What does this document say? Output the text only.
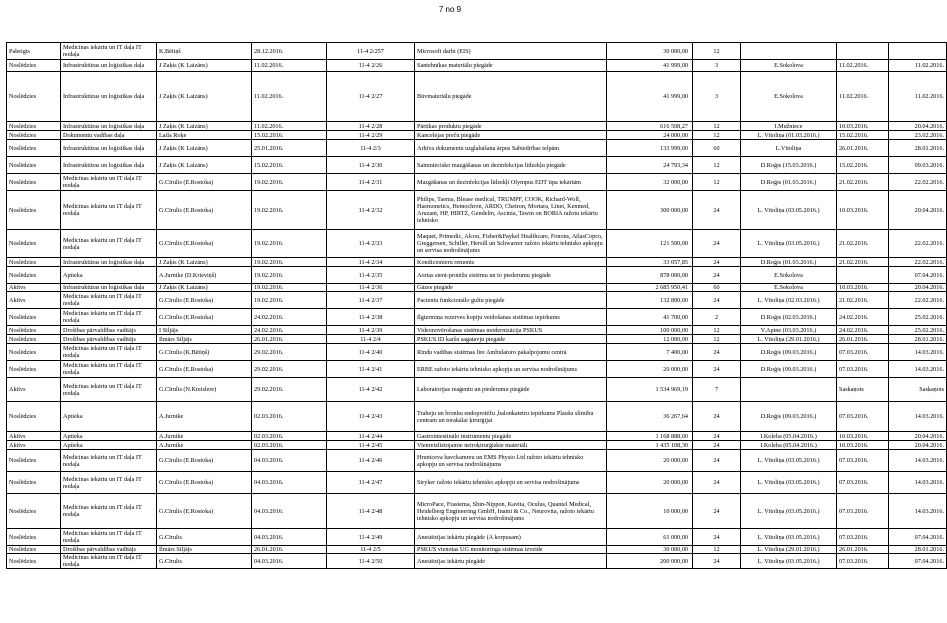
7 no 9
Pabeigts	Medicīnas iekārtu un IT daļa IT nodaļa	K.Bētiņš	28.12.2016.	11-4 2/257	Microsoft darbi (EIS)	30 000,00	12			
Noslēdzies	Infrastruktūras un loģistikas daļa	J Zaķis (K Laizāns)	11.02.2016.	11-4 2/26	Santehnikas materiālu piegāde	41 999,00	3	E.Sokolova	11.02.2016.	11.02.2016.
Noslēdzies	Infrastruktūras un loģistikas daļa	J Zaķis (K Laizāns)	11.02.2016.	11-4 2/27	Būvmateriālu piegāde	41 999,00	3	E.Sokolova	11.02.2016.	11.02.2016.
Noslēdzies	Infrastruktūras un loģistikas daļa	J Zaķis (K Laizāns)	11.02.2016.	11-4 2/28	Pārtikas produktu piegāde	616 508,27	12	I.Mužniece	10.03.2016.	20.04.2016.
Noslēdzies	Dokumentu vadības daļa	Laila Roķe	15.02.2016.	11-4 2/29	Kancelejas preču piegāde	24 000,00	12	L. Vītoliņa (01.03.2016.)	15.02.2016.	23.02.2016.
Noslēdzies	Infrastruktūras un loģistikas daļa	J Zaķis (K Laizāns)	25.01.2016.	11-4 2/3	Arhīva dokumentu uzglabāšana ārpus Sabiedrības telpām	133 999,00	60	L.Vītoliņa	26.01.2016.	28.01.2016.
Noslēdzies	Infrastruktūras un loģistikas daļa	J Zaķis (K Laizāns)	15.02.2016.	11-4 2/30	Saimniecisko mazgāšanas un dezinfekcijas līdzekļu piegāde	24 793,34	12	D.Roģis (15.03.2016.)	15.02.2016.	09.03.2016.
Noslēdzies	Medicīnas iekārtu un IT daļa IT nodaļa	G.Cīrulis (E.Rostoka)	19.02.2016.	11-4 2/31	Mazgāšanas un dezinfekcijas līdzekļi Olympus EDT tipa iekārtām	32 000,00	12	D.Roģis (01.03.2016.)	21.02.2016.	22.02.2016.
Noslēdzies	Medicīnas iekārtu un IT daļa IT nodaļa	G.Cīrulis (E.Rostoka)	19.02.2016.	11-4 2/32	Philips, Taema, Blease medical, TRUMPF, COOK, Richard-Wolf, Haemonetics, Hemochron, ARDO, Cheiron, Mortara, Linet, Kenmed, Aruzant, HP, HIRTZ, Gendelin, Ascinia, Tawin on BORIA ražotu iekārtu tehnisko	300 000,00	24	L. Vītoliņa (03.05.2016.)	10.03.2016.	20.04.2016.
Noslēdzies	Medicīnas iekārtu un IT daļa IT nodaļa	G.Cīrulis (E.Rostoka)	19.02.2016.	11-4 2/33	Maquet, Primedic, Alcon, Fisher&Paykel Healthcare, Fonons, AtlasCopco, Greggersen, Schiller, Hersill un Schwarzer ražoto iekārtu tehnisko apkopju un servisa nodrošinājums	121 500,00	24	L. Vītoliņa (03.05.2016.)	21.02.2016.	22.02.2016.
Noslēdzies	Infrastruktūras un loģistikas daļa	J Zaķis (K Laizāns)	19.02.2016.	11-4 2/34	Kondicionieru remonts	33 057,85	24	D.Roģis (01.03.2016.)	21.02.2016.	22.02.2016.
Noslēdzies	Aptieka	A.Jurnike (D.Krieviņš)	19.02.2016.	11-4 2/35	Aortas stent-protēžu sistēmu un to piederumu piegāde	878 000,00	24	E.Sokolova		07.04.2016.
Aktīvs	Infrastruktūras un loģistikas daļa	J Zaķis (K Laizāns)	19.02.2016.	11-4 2/36	Gāzes piegāde	2 685 950,41	60	E.Sokolova	10.03.2016.	20.04.2016.
Aktīvs	Medicīnas iekārtu un IT daļa IT nodaļa	G.Cīrulis (E.Rostoka)	19.02.2016.	11-4 2/37	Pacientu funkcionālo gultu piegāde	132 800,00	24	L. Vītoliņa (02.03.2016.)	21.02.2016.	22.02.2016.
Noslēdzies	Medicīnas iekārtu un IT daļa IT nodaļa	G.Cīrulis (E.Rostoka)	24.02.2016.	11-4 2/38	Ilgtermiņa rezerves kopiju veidošanas sistēmas iepirkums	41 700,00	2	D.Roģis (02.03.2016.)	24.02.2016.	25.02.2016.
Noslēdzies	Drošības pārvaldības vadītājs	I Siljājs	24.02.2016.	11-4 2/39	Videonovērošanas sistēmas modernizācija PSKUS	100 000,00	12	V.Apine (03.03.2016.)	24.02.2016.	25.02.2016.
Noslēdzies	Drošības pārvaldības vadītājs	Ilmārs Siljājs	26.01.2016.	11-4 2/4	PSKUS ID karšu sagatavju piegāde	12 000,00	12	L. Vītoliņa (29.01.2016.)	26.01.2016.	28.01.2016.
Noslēdzies	Medicīnas iekārtu un IT daļa IT nodaļa	G.Cīrulis (K.Bētiņš)	29.02.2016.	11-4 2/40	Rindu vadības sistēmas līre Ambulatoro pakalpojumu centrā	7 400,00	24	D.Roģis (09.03.2016.)	07.03.2016.	14.03.2016.
Noslēdzies	Medicīnas iekārtu un IT daļa IT nodaļa	G.Cīrulis (E.Rostoka)	29.02.2016.	11-4 2/41	ERBE ražoto iekārtu tehnisko apkopju un servisa nodrošinājums	20 000,00	24	D.Roģis (09.03.2016.)	07.03.2016.	14.03.2016.
Aktīvs	Medicīnas iekārtu un IT daļa IT nodaļa	G.Cīrulis (N.Kreislere)	29.02.2016.	11-4 2/42	Laboratorijas reaģentu un piederumu piegāde	1 534 969,19	7		Saskaņots	Saskaņots
Noslēdzies	Aptieka	A.Jurnike	02.03.2016.	11-4 2/43	Traheju un bronhu endoprotēžu ,balonkatetru iepirkums Plaušu slimību centram un torakālai ķirurģijai	36 267,64	24	D.Roģis (09.03.2016.)	07.03.2016.	14.03.2016.
Aktīvs	Aptieka	A.Jurnike	02.03.2016.	11-4 2/44	Gastrointestinālo instrumentu piegāde	1 168 888,00	24	I.Koleba (05.04.2016.)	10.03.2016.	20.04.2016.
Aktīvs	Aptieka	A.Jurnike	02.03.2016.	11-4 2/45	Vienreizlietojamie neiroķirurģiskie materiāli	1 435 108,30	24	I.Koleba (05.04.2016.)	10.03.2016.	20.04.2016.
Noslēdzies	Medicīnas iekārtu un IT daļa IT nodaļa	G.Cīrulis (E.Rostoka)	04.03.2016.	11-4 2/46	Hruniceva bavckamreu un EMS Physio Ltd ražoto iekārtu tehnisko apkopju un servisa nodrošinājums	20 000,00	24	L. Vītoliņa (03.05.2016.)	07.03.2016.	14.03.2016.
Noslēdzies	Medicīnas iekārtu un IT daļa IT nodaļa	G.Cīrulis (E.Rostoka)	04.03.2016.	11-4 2/47	Stryker ražoto iekārtu tehnisko apkopju un servisa nodrošinājums	20 000,00	24	L. Vītoliņa (03.05.2016.)	07.03.2016.	14.03.2016.
Noslēdzies	Medicīnas iekārtu un IT daļa IT nodaļa	G.Cīrulis (E.Rostoka)	04.03.2016.	11-4 2/48	MicroPace, Frastema, Shin-Nippon, Kavita, Oculus, Quantel Medical, Heidelberg Engineering GmbH, Inami & Co., Neurovita, ražoto iekārtu tehnisko apkopju un servisa nodrošinājums	10 000,00	24	L. Vītoliņa (03.05.2016.)	07.03.2016.	14.03.2016.
Noslēdzies	Medicīnas iekārtu un IT daļa IT nodaļa	G.Cīrulis	04.03.2016.	11-4 2/49	Anestēzijas iekārtu piegāde (A korpusam)	61 000,00	24	L. Vītoliņa (03.05.2016.)	07.03.2016.	07.04.2016.
Noslēdzies	Drošības pārvaldības vadītājs	Ilmārs Siljājs	26.01.2016.	11-4 2/5	PSKUS vienotas UG monitoringa sistēmas izveide	30 000,00	12	L. Vītoliņa (29.01.2016.)	26.01.2016.	28.01.2016.
Noslēdzies	Medicīnas iekārtu un IT daļa IT nodaļa	G.Cīrulis	04.03.2016.	11-4 2/50	Anestēzijas iekārtu piegāde	200 000,00	24	L. Vītoliņa (03.05.2016.)	07.03.2016.	07.04.2016.
